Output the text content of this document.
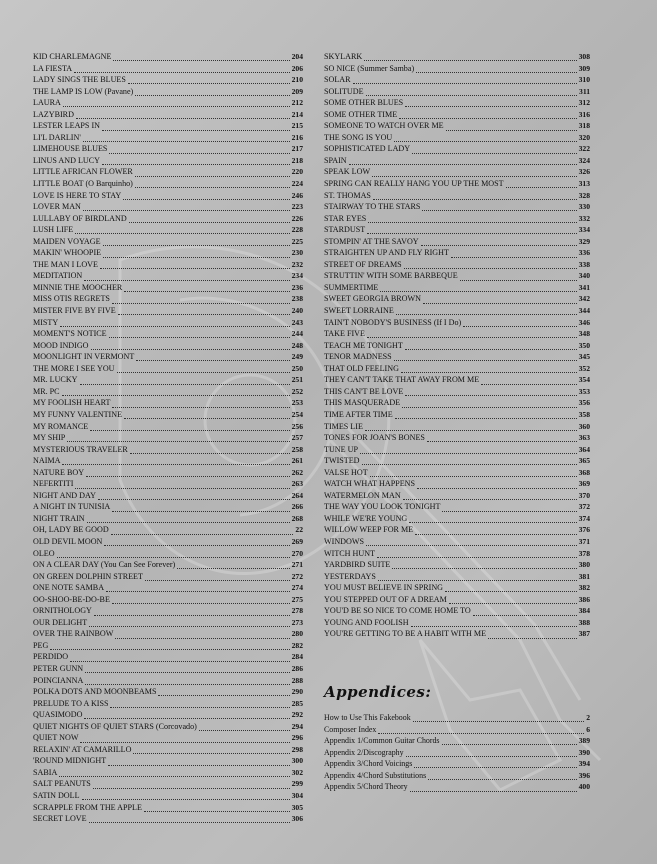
KID CHARLEMAGNE	204
LA FIESTA	206
LADY SINGS THE BLUES	210
THE LAMP IS LOW (Pavane)	209
LAURA	212
LAZYBIRD	214
LESTER LEAPS IN	215
LI'L DARLIN'	216
LIMEHOUSE BLUES	217
LINUS AND LUCY	218
LITTLE AFRICAN FLOWER	220
LITTLE BOAT (O Barquinho)	224
LOVE IS HERE TO STAY	246
LOVER MAN	223
LULLABY OF BIRDLAND	226
LUSH LIFE	228
MAIDEN VOYAGE	225
MAKIN' WHOOPIE	230
THE MAN I LOVE	232
MEDITATION	234
MINNIE THE MOOCHER	236
MISS OTIS REGRETS	238
MISTER FIVE BY FIVE	240
MISTY	243
MOMENT'S NOTICE	244
MOOD INDIGO	248
MOONLIGHT IN VERMONT	249
THE MORE I SEE YOU	250
MR. LUCKY	251
MR. PC	252
MY FOOLISH HEART	253
MY FUNNY VALENTINE	254
MY ROMANCE	256
MY SHIP	257
MYSTERIOUS TRAVELER	258
NAIMA	261
NATURE BOY	262
NEFERTITI	263
NIGHT AND DAY	264
A NIGHT IN TUNISIA	266
NIGHT TRAIN	268
OH, LADY BE GOOD	22
OLD DEVIL MOON	269
OLEO	270
ON A CLEAR DAY (You Can See Forever)	271
ON GREEN DOLPHIN STREET	272
ONE NOTE SAMBA	274
OO-SHOO-BE-DO-BE	275
ORNITHOLOGY	278
OUR DELIGHT	273
OVER THE RAINBOW	280
PEG	282
PERDIDO	284
PETER GUNN	286
POINCIANNA	288
POLKA DOTS AND MOONBEAMS	290
PRELUDE TO A KISS	285
QUASIMODO	292
QUIET NIGHTS OF QUIET STARS (Corcovado)	294
QUIET NOW	296
RELAXIN' AT CAMARILLO	298
'ROUND MIDNIGHT	300
SABIA	302
SALT PEANUTS	299
SATIN DOLL	304
SCRAPPLE FROM THE APPLE	305
SECRET LOVE	306
SKYLARK	308
SO NICE (Summer Samba)	309
SOLAR	310
SOLITUDE	311
SOME OTHER BLUES	312
SOME OTHER TIME	316
SOMEONE TO WATCH OVER ME	318
THE SONG IS YOU	320
SOPHISTICATED LADY	322
SPAIN	324
SPEAK LOW	326
SPRING CAN REALLY HANG YOU UP THE MOST	313
ST. THOMAS	328
STAIRWAY TO THE STARS	330
STAR EYES	332
STARDUST	334
STOMPIN' AT THE SAVOY	329
STRAIGHTEN UP AND FLY RIGHT	336
STREET OF DREAMS	338
STRUTTIN' WITH SOME BARBEQUE	340
SUMMERTIME	341
SWEET GEORGIA BROWN	342
SWEET LORRAINE	344
TAIN'T NOBODY'S BUSINESS (If I Do)	346
TAKE FIVE	348
TEACH ME TONIGHT	350
TENOR MADNESS	345
THAT OLD FEELING	352
THEY CAN'T TAKE THAT AWAY FROM ME	354
THIS CAN'T BE LOVE	353
THIS MASQUERADE	356
TIME AFTER TIME	358
TIMES LIE	360
TONES FOR JOAN'S BONES	363
TUNE UP	364
TWISTED	365
VALSE HOT	368
WATCH WHAT HAPPENS	369
WATERMELON MAN	370
THE WAY YOU LOOK TONIGHT	372
WHILE WE'RE YOUNG	374
WILLOW WEEP FOR ME	376
WINDOWS	371
WITCH HUNT	378
YARDBIRD SUITE	380
YESTERDAYS	381
YOU MUST BELIEVE IN SPRING	382
YOU STEPPED OUT OF A DREAM	386
YOU'D BE SO NICE TO COME HOME TO	384
YOUNG AND FOOLISH	388
YOU'RE GETTING TO BE A HABIT WITH ME	387
Appendices:
How to Use This Fakebook	2
Composer Index	6
Appendix 1/Common Guitar Chords	389
Appendix 2/Discography	390
Appendix 3/Chord Voicings	394
Appendix 4/Chord Substitutions	396
Appendix 5/Chord Theory	400
